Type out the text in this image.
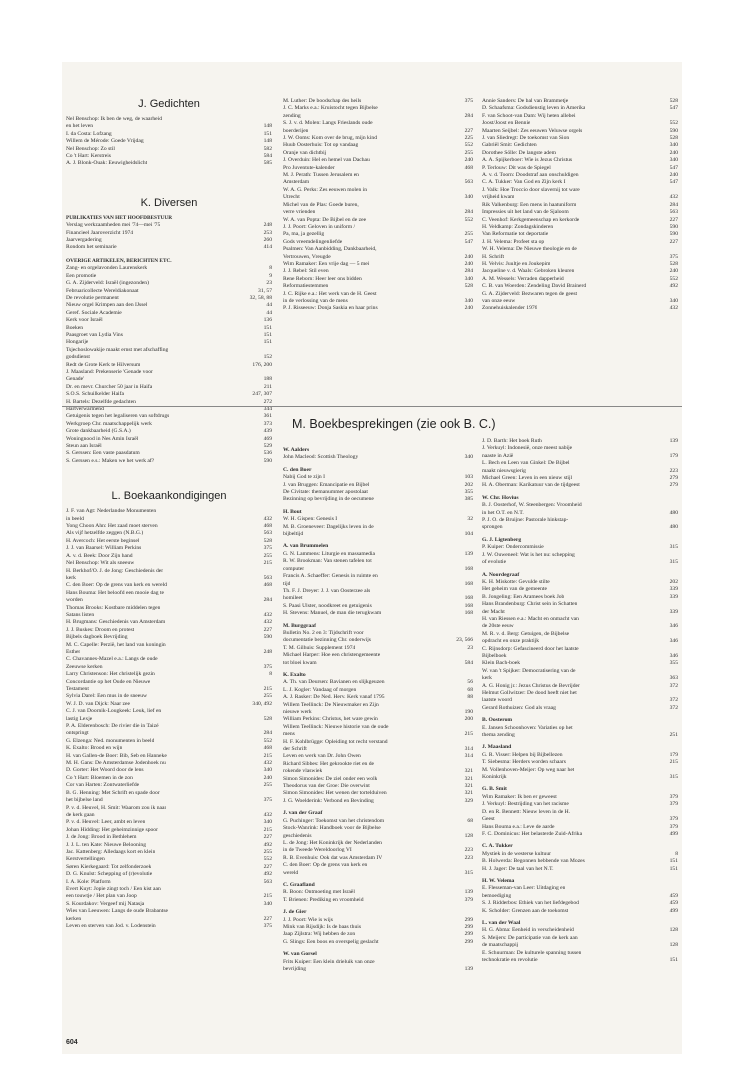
J. Gedichten
Nel Benschop: Ik ben de weg, de waarheid
en het leven	148
I. da Costa: Lofzang	151
Willem de Mérode: Goede Vrijdag	148
Nel Benschop: Zo stil	582
Co 't Hart: Kerstreis	584
A. J. Blonk-Ouak: Eeuwigheidslicht	585
K. Diversen
PUBLIKATIES VAN HET HOOFDBESTUUR
Verslag werkzaamheden mei '74—mei '75	248
Financieel Jaaroverzicht 1974	253
Jaarvergadering	260
Rondom het seminarie	414
OVERIGE ARTIKELEN, BERICHTEN ETC.
Zang- en orgelavonden Laurenskerk	8
Een promotie	9
G. A. Zijderveld: Israël (ingezonden)	23
Februaricollecte Wereldiakonaat	31, 57
De revolutie permanent	32, 58, 88
Nieuw orgel Krimpen aan den IJssel	44
Geref. Sociale Academie	44
Kerk voor Israël	136
Boeken	151
Paasgroet van Lydia Vins	151
Hongarije	151
Tsjechoslowakije maakt ernst met afschaffing
godsdienst	152
Redt de Grote Kerk te Hilversum	176, 200
J. Maasland: Prekenserie 'Genade voor
Genade'	188
Dr. en mevr. Churcher 50 jaar in Haifa	211
S.O.S. Schuilkelder Haifa	247, 307
H. Bartels: Dezelfde gedachten	272
Hartverwarmend	344
Getuigenis tegen het legaliseren van softdrugs	361
Werkgroep Chr. maatschappelijk werk	373
Grote dankbaarheid (G.S.A.)	439
Woningnood in Nes Amin Israël	469
Steun aan Israël	529
S. Gerssen: Een vaste paasdatum	536
S. Gerssen e.s.: Maken we het werk af?	590
L. Boekaankondigingen
J. F. van Agt: Nederlandse Monumenten
in beeld	432
Yong Choon Ahn: Het zaad moet sterven	468
Als vijf hetzelfde zeggen (N.B.G.)	563
H. Avercoch: Het eerste beginsel	528
J. J. van Baarsel: William Perkins	375
A. v. d. Beek: Door Zijn hand	255
Nel Benschop: Wit als sneeuw	215
H. Berkhof/O. J. de Jong: Geschiedenis der
kerk	563
C. den Boer: Op de grens van kerk en wereld	468
Hans Bouma: Het beloofd een mooie dag te
worden	284
Thomas Brooks: Kostbare middelen tegen
Satans listen	432
H. Brugmans: Geschiedenis van Amsterdam	432
J. J. Buskes: Droom en protest	227
Bijbels dagboek Bevrijding	590
M. C. Capelle: Perzië, het land van koningin
Esther	248
C. Chavannes-Mazel e.a.: Langs de oude
Zeeuwse kerken	375
Larry Christenson: Het christelijk gezin	8
Concordantie op het Oude en Nieuwe
Testament	215
Sylvia Darel: Een mus in de sneeuw	255
W. J. D. van Dijck: Naar zee	340, 492
C. J. van Doornik-Lougkeek: Leuk, lief en
lastig Lexje	528
P. A. Elderenbosch: De rivier die in Taizé
ontspringt	284
G. Elzenga: Ned. monumenten in beeld	552
K. Exalto: Brood en wijn	468
H. van Gallen-de Boer: Bib, Seb en Hanneke	215
M. H. Gans: De Amsterdamse Jodenhoek nu	432
D. Gorter: Het Woord door de lens	340
Co 't Hart: Bloemen in de zon	240
Cor van Harten: Zontwaterliefde	255
B. G. Henning: Met Schrift en spade door
het bijbelse land	375
P. v. d. Heuvel, H. Smit: Waarom zou ik naar
de kerk gaan	432
P. v. d. Heuvel: Leer, ambt en leven	340
Johan Hidding: Het geheimzinnige spoor	215
J. de Jong: Brood in Bethlehem	227
J. J. L. ten Kate: Nieuwe Belooning	492
Jac. Kattenberg: Alledaags kort en klein	255
Kerstvertellingen	552
Søren Kierkegaard: Tot zelfonderzoek	227
D. G. Knulst: Schepping of (r)evolutie	492
I. A. Kole: Platform	563
Evert Kuyt: Jopie zingt toch / Een kist aan
een touwtje / Het plan van Joop	215
S. Kourdakov: Vergeef mij Natasja	340
Wies van Leeuwen: Langs de oude Brabantse
kerken	227
Leven en sterven van Jod. v. Lodenstein	375
M. Luther: De boodschap des heils	375
J. C. Marks e.a.: Kruistocht tegen Bijbelse
zending	284
S. J. v. d. Molen: Langs Frieslands oude
boerderijen	227
J. W. Ooms: Kom over de brug, mijn kind	225
Huub Oosterhuis: Tot op vandaag	552
Oranje van dichtbij	255
J. Overduin: Hel en hemel van Dachau	240
Pro Juventute-kalender	468
M. J. Perath: Tussen Jerusalem en
Amsterdam	563
W. A. G. Perks: Zes eeuwen molen in
Utrecht	340
Michel van de Plas: Goede buren,
verre vrienden	284
W. A. van Popta: De Bijbel en de zee	552
J. J. Poort: Geloven in uniform /
Pa, ma, ja gezellig	255
Gods vreemdelingenliefde	547
Psalmen: Van Aanbidding, Dankbaarheid,
Vertrouwen, Vreugde	240
Wim Ramaker: Een vrije dag — 5 mei	240
J. J. Rebel: Stil even	284
Rene Reborn: Heer leer ons bidden	340
Reformatiestemmen	528
J. C. Rijke e.a.: Het werk van de H. Geest
in de verlossing van de mens	340
P. J. Risseeuw: Donja Saskia en haar prins	240
Annie Sanders: De bal van Brammetje	528
D. Schaafsma: Godsdienstig leven in Amerika	547
F. van Schoot-van Dam: Wij heten allebei
Joost/Joost en Bennie	552
Maarten Seijbel: Zes eeuwen Veluwse orgels	590
J. van Sliedregt: De toekomst van Sion	528
Gabriël Smit: Gedichten	340
Dorothee Sölle: De langste adem	240
A. A. Spijkerboer: Wie is Jezus Christus	340
P. Terlouw: Dit was de Spiegel	547
A. v. d. Toorn: Doodstraf aan onschuldigen	240
C. A. Tukker: Van God en Zijn kerk I	547
J. Valk: Hoe Troccio door slavernij tot ware
vrijheid kwam	432
Rik Valkenburg: Een mens in haatuniform	284
Impressies uit het land van de Sjaloom	563
C. Veenhof: Kerkgemeenschap en kerkorde	227
H. Veldkamp: Zondagskinderen	590
Van Reformatie tot deportatie	590
J. H. Velema: Profeet sta op	227
W. H. Velema: De Nieuwe theologie en de
H. Schrift	375
H. Velvis: Juultje en Joukepim	528
Jacqueline v. d. Waals: Gebroken kleuren	240
A. M. Wessels: Verraden dapperheid	552
C. B. van Woerden: Zendeling David Brainerd	492
G. A. Zijderveld: Bezwaren tegen de geest
van onze eeuw	340
Zonnehuiskalender 1976	432
M. Boekbesprekingen (zie ook B. C.)
W. Aalders
John Macleod: Scottish Theology	340
C. den Boer
Nabij God te zijn I	103
J. van Bruggen: Emancipatie en Bijbel	202
De Civitate: themanummer apostolaat	355
Bezinning op bevrijding in de oecumene	385
H. Bout
W. H. Gispen: Genesis I	32
M. B. Groeneveer: Dagelijks leven in de
bijbeltijd	104
A. van Brummelen
G. N. Lammens: Liturgie en massamedia	139
R. W. Brookman: Van stenen tafelen tot
computer	168
Francis A. Schaeffer: Genesis in ruimte en
tijd	168
Th. F. J. Dreyer: J. J. van Oosterzee als
homileet	168
S. Paasi Ulster, noodkreet en getuigenis	168
H. Stevens: Manuel, de man die terugkwam	168
M. Burggraaf
Bulletin No. 2 en 3: Tijdschrift voor
documentatie bezinning Chr. onderwijs	23, 566
T. M. Gilhuis: Supplement 1974	23
Michael Harper: Hoe een christengemeente
tot bloei kwam	584
K. Exalto
A. Th. van Deursen: Bavianen en slijkgeuzen	56
L. J. Kogler: Vandaag of morgen	68
A. J. Rasker: De Ned. Herv. Kerk vanaf 1795	88
Willem Teellinck: De Nieuwmaker en Zijn
nieuwe werk	190
William Perkins: Christus, het ware gewin	200
Willem Teellinck: Nieuwe historie van de oude
mens	215
H. F. Kohlbrügge: Opleiding tot recht verstand
der Schrift	314
Leven en werk van Dr. John Owen	314
Richard Sibbes: Het gekrookte riet en de
rokende vlaswiek	321
Simon Simonides: De ziel onder een wolk	321
Theodorus van der Groe: Die overwint	321
Simon Simonides: Het wenen der tortelduiven	321
J. G. Woelderink: Verbond en Bevinding	329
J. van der Graaf
G. Puchinger: Toekomst van het christendom	68
Stock-Wanrink: Handboek voor de Bijbelse
geschiedenis	128
L. de Jong: Het Koninkrijk der Nederlanden
in de Tweede Wereldoorlog VI	223
R. B. Evenhuis: Ook dat was Amsterdam IV	223
C. den Boer: Op de grens van kerk en
wereld	315
C. Graafland
R. Boon: Ontmoeting met Israël	139
T. Brienen: Prediking en vroomheid	379
J. de Gier
J. J. Poort: Wie is wijs	299
Mink van Rijsdijk: Is de baas thuis	299
Jaap Zijlstra: Wij hebben de zon	299
G. Slings: Een boos en overspelig geslacht	299
W. van Gorsel
Frits Kuiper: Een klein drieluik van onze
bevrijding	139
J. D. Barth: Het boek Ruth	139
J. Verkuyl: Indonesië, onze meest nabije
naaste in Azië	179
L. Bech en Leen van Ginkel: De Bijbel
maakt nieuwsgierig	223
Michael Green: Leven in een nieuw stijl	279
H. A. Oberman: Karikatuur van de tijdgeest	279
W. Chr. Hovius
B. J. Oosterhof, W. Steenbergen: Vroomheid
in het O.T. en N.T.	480
P. J. O. de Bruijne: Pastorale hinkstap-
sprongen	480
G. J. Ligtenberg
P. Kuiper: Ondercommissie	315
J. W. Ouweneel: Wat is het nu: schepping
of evolutie	315
A. Noordegraaf
K. H. Miskotte: Gevulde stilte	202
Het geheim van de gemeente	339
B. Jongeling: Een Aramees boek Job	339
Hans Brandenburg: Christ sein in Schatten
der Macht	339
H. van Riessen e.a.: Macht en onmacht van
de 20ste eeuw	346
M. R. v. d. Berg: Getuigen, de Bijbelse
opdracht en onze praktijk	346
C. Rijnsdorp: Gefascineerd door het laatste
Bijbelboek	346
Klein Bach-boek	355
W. van 't Spijker: Democratisering van de
kerk	363
A. G. Honig jr.: Jezus Christus de Bevrijder	372
Helmut Gollwitzer: De dood heeft niet het
laatste woord	372
Gerard Rothuizen: God als vraag	372
B. Oosterom
E. Jansen Schoonhoven: Variaties op het
thema zending	251
J. Maasland
G. R. Visser: Helpen bij Bijbellezen	179
T. Siebesma: Herders worden schaars	215
M. Vollenhoven-Meijer: Op weg naar het
Koninkrijk	315
G. B. Smit
Wim Ramaker: Ik ben er geweest	379
J. Verkuyl: Bestrijding van het racisme	379
D. en R. Bennett: Nieuw leven in de H.
Geest	379
Hans Bouma e.a.: Leve de aarde	379
F. C. Dominicus: Het belasterde Zuid-Afrika	499
C. A. Tukker
Mystiek in de westerse kultuur	8
B. Holwerda: Begonnen hebbende van Mozes	151
H. J. Jager: De taal van het N.T.	151
H. W. Velema
E. Flesseman-van Leer: Uitdaging en
bemoediging	459
S. J. Ridderbos: Ethiek van het liefdegebod	459
K. Scholder: Grenzen aan de toekomst	499
L. van der Waal
H. G. Abma: Eenheid in verscheidenheid	128
S. Meijers: De participatie van de kerk aan
de maatschappij	128
E. Schuurman: De kulturele spanning tussen
technokratie en revolutie	151
604
